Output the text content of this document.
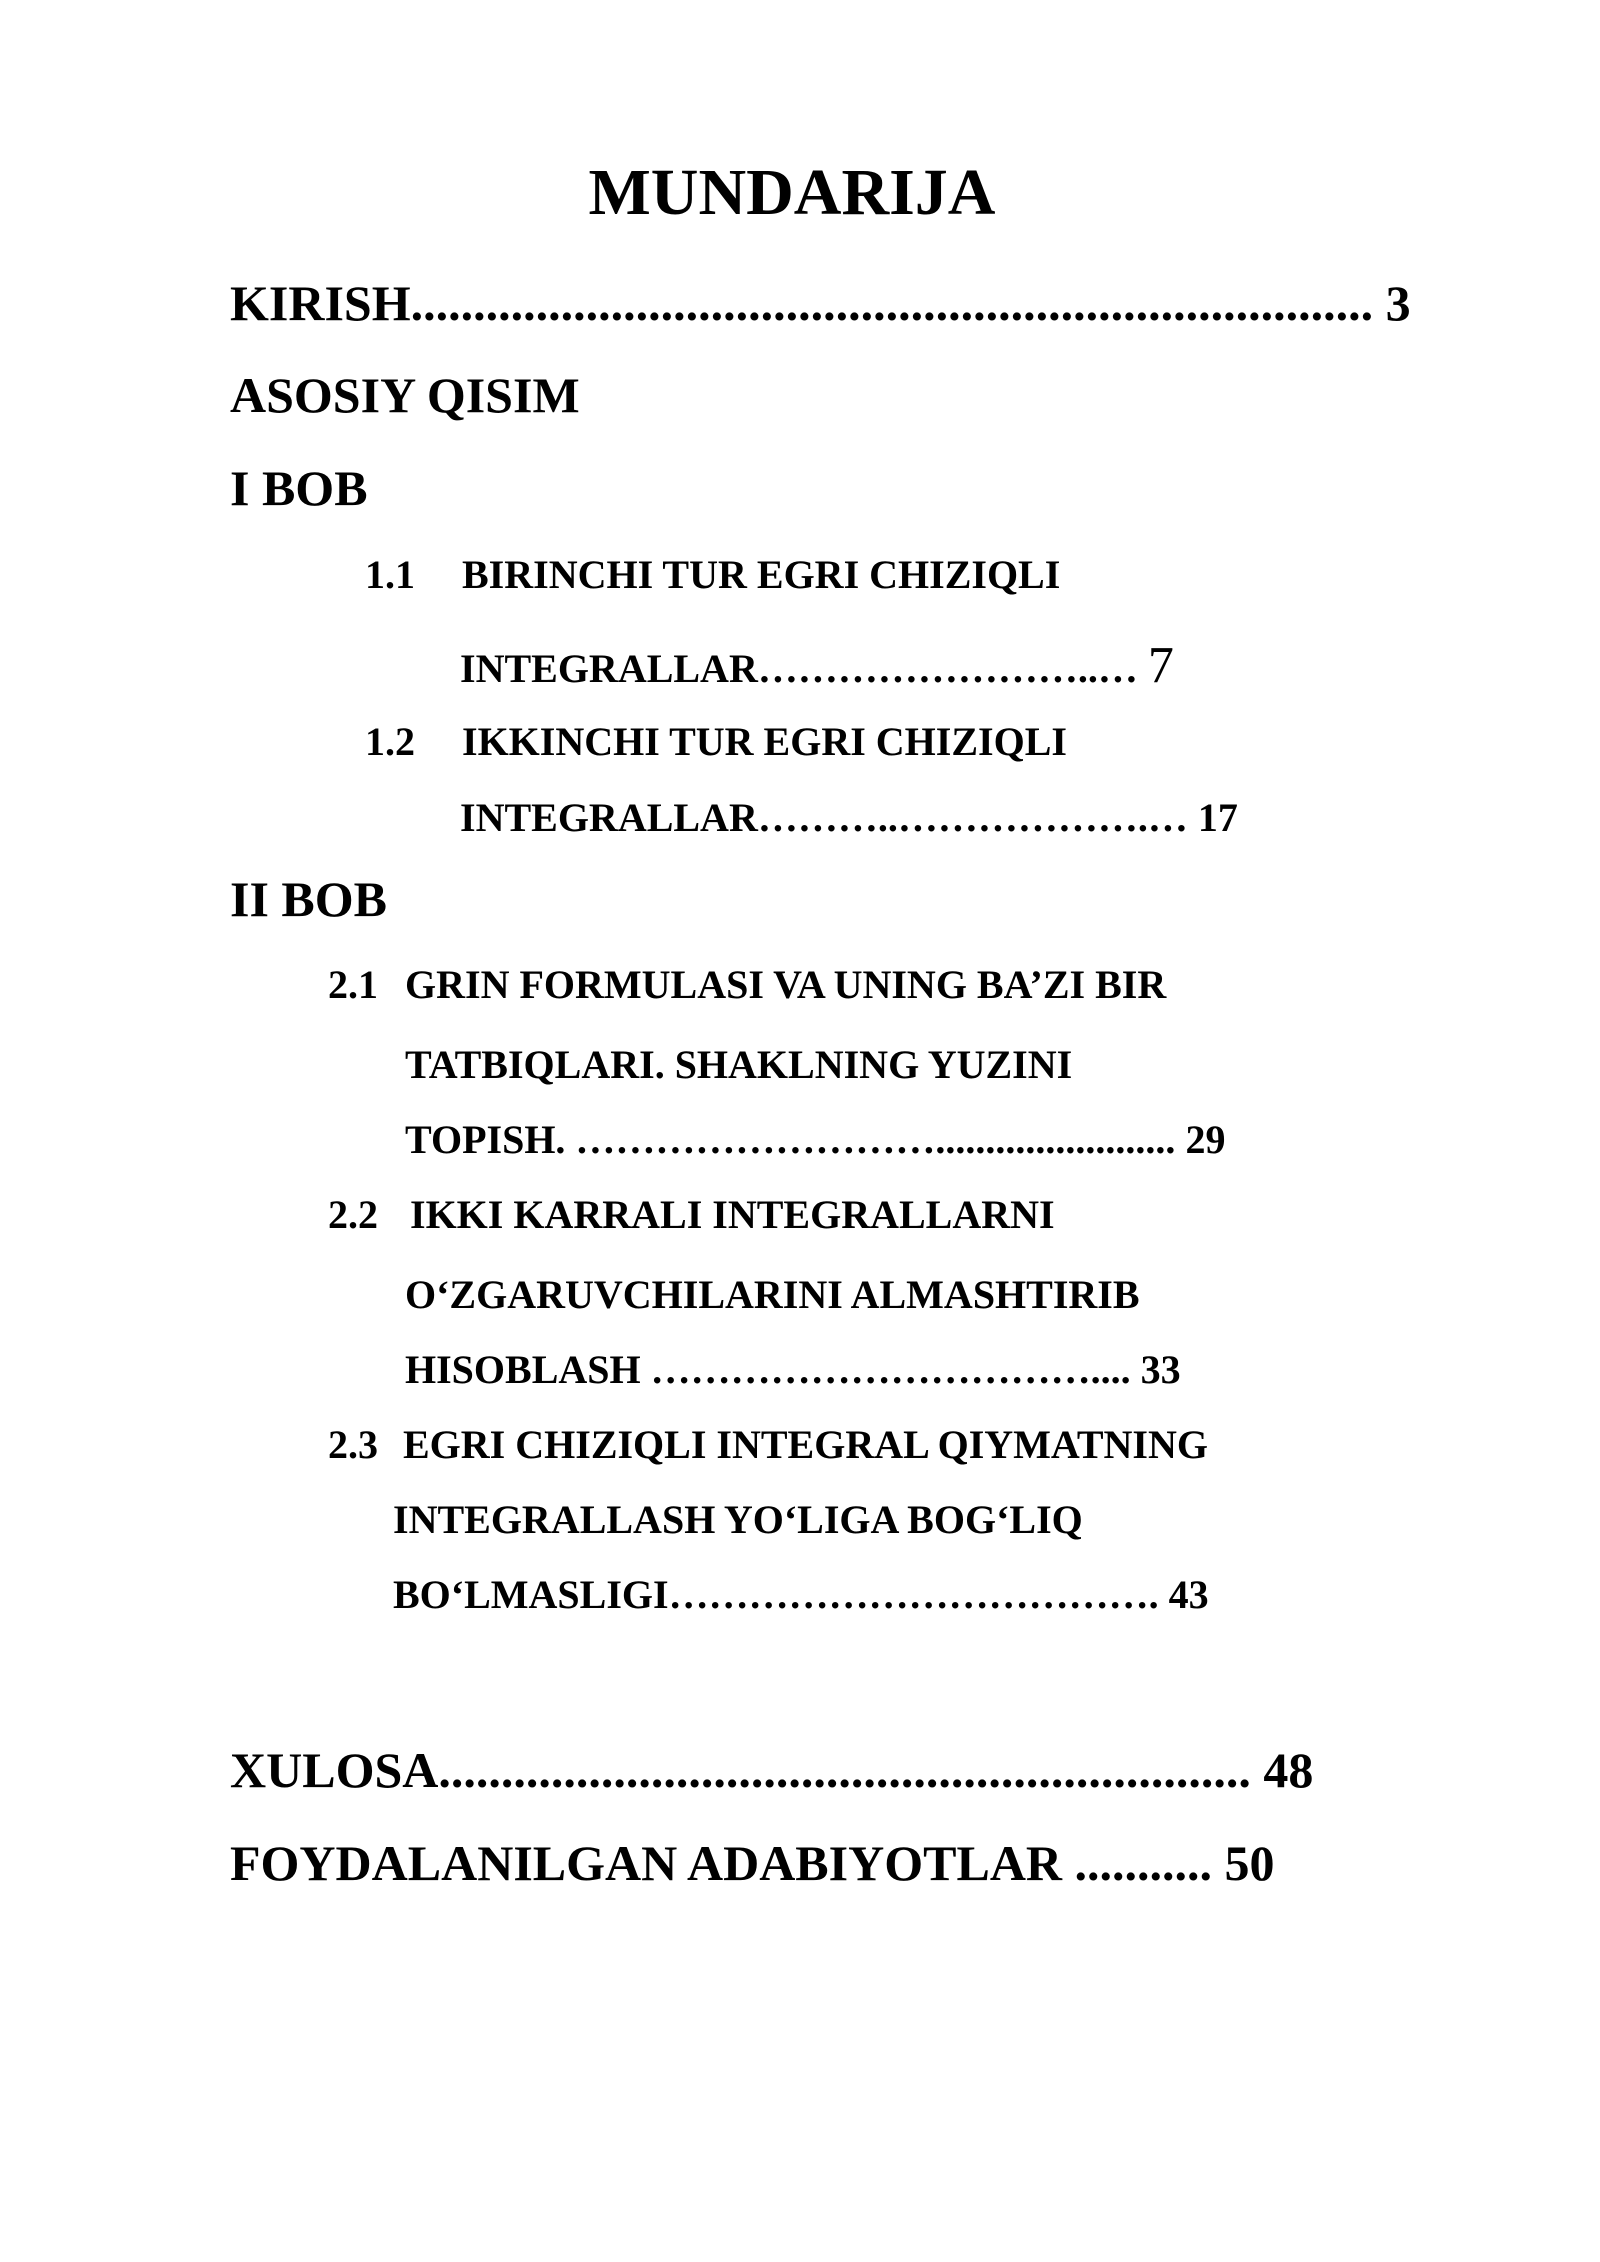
MUNDARIJA
KIRISH............................................................................. 3
ASOSIY QISIM
I BOB
1.1 BIRINCHI TUR EGRI CHIZIQLI
INTEGRALLAR……………………..… 7
1.2 IKKINCHI TUR EGRI CHIZIQLI
INTEGRALLAR………..……………….… 17
II BOB
2.1 GRIN FORMULASI VA UNING BA’ZI BIR
TATBIQLARI. SHAKLNING YUZINI
TOPISH. ………………………........................ 29
2.2 IKKI KARRALI INTEGRALLARNI
O‘ZGARUVCHILARINI ALMASHTIRIB
HISOBLASH …………………………….... 33
2.3 EGRI CHIZIQLI INTEGRAL QIYMATNING
INTEGRALLASH YO‘LIGA BOG‘LIQ
BO‘LMASLIGI………………………………. 43
XULOSA................................................................. 48
FOYDALANILGAN ADABIYOTLAR ........... 50
